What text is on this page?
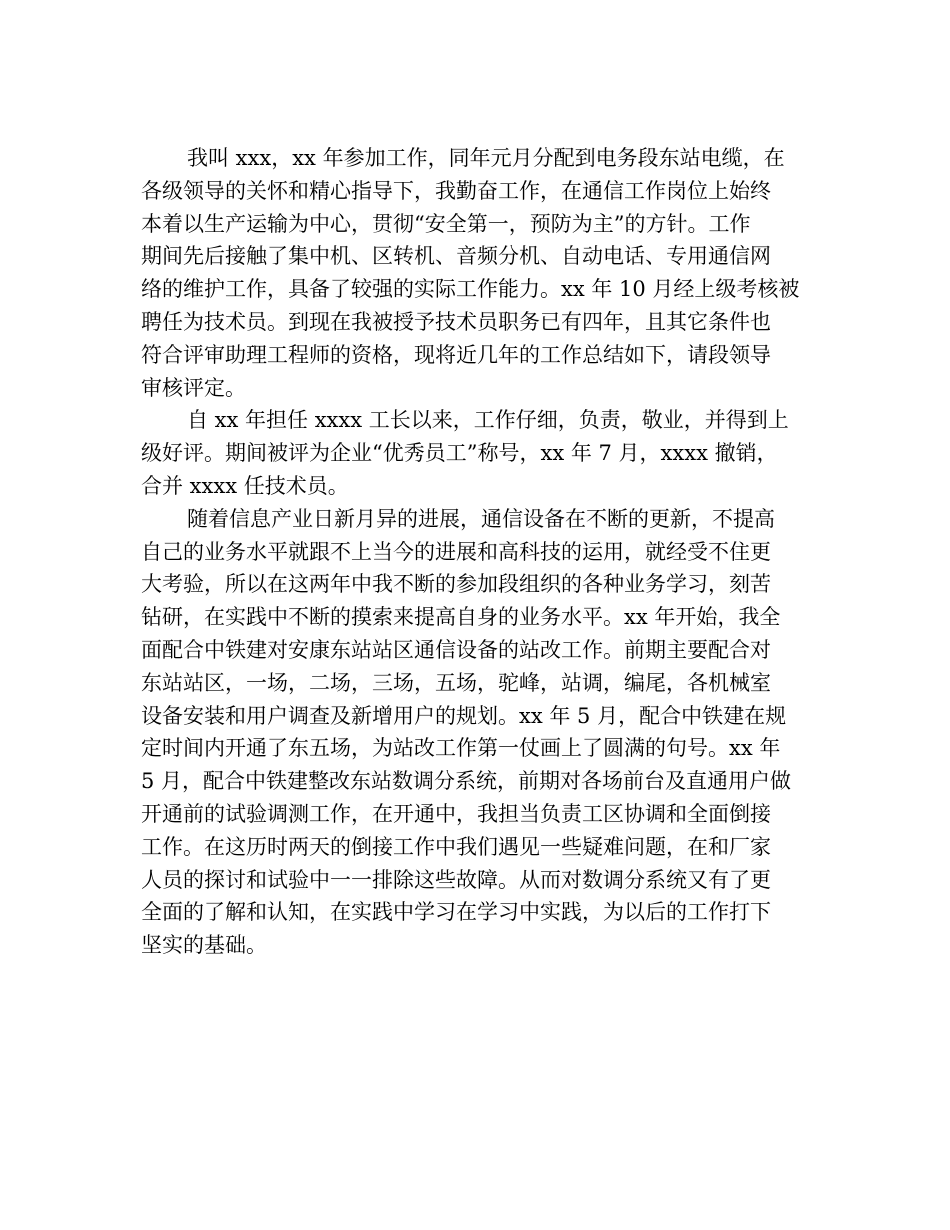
我叫 xxx，xx 年参加工作，同年元月分配到电务段东站电缆，在
各级领导的关怀和精心指导下，我勤奋工作，在通信工作岗位上始终
本着以生产运输为中心，贯彻“安全第一，预防为主”的方针。工作
期间先后接触了集中机、区转机、音频分机、自动电话、专用通信网
络的维护工作，具备了较强的实际工作能力。xx 年 10 月经上级考核被
聘任为技术员。到现在我被授予技术员职务已有四年，且其它条件也
符合评审助理工程师的资格，现将近几年的工作总结如下，请段领导
审核评定。

自 xx 年担任 xxxx 工长以来，工作仔细，负责，敬业，并得到上
级好评。期间被评为企业“优秀员工”称号，xx 年 7 月，xxxx 撤销，
合并 xxxx 任技术员。

随着信息产业日新月异的进展，通信设备在不断的更新，不提高
自己的业务水平就跟不上当今的进展和高科技的运用，就经受不住更
大考验，所以在这两年中我不断的参加段组织的各种业务学习，刻苦
钻研，在实践中不断的摸索来提高自身的业务水平。xx 年开始，我全
面配合中铁建对安康东站站区通信设备的站改工作。前期主要配合对
东站站区，一场，二场，三场，五场，驼峰，站调，编尾，各机械室
设备安装和用户调查及新增用户的规划。xx 年 5 月，配合中铁建在规
定时间内开通了东五场，为站改工作第一仗画上了圆满的句号。xx 年
5 月，配合中铁建整改东站数调分系统，前期对各场前台及直通用户做
开通前的试验调测工作，在开通中，我担当负责工区协调和全面倒接
工作。在这历时两天的倒接工作中我们遇见一些疑难问题，在和厂家
人员的探讨和试验中一一排除这些故障。从而对数调分系统又有了更
全面的了解和认知，在实践中学习在学习中实践，为以后的工作打下
坚实的基础。
